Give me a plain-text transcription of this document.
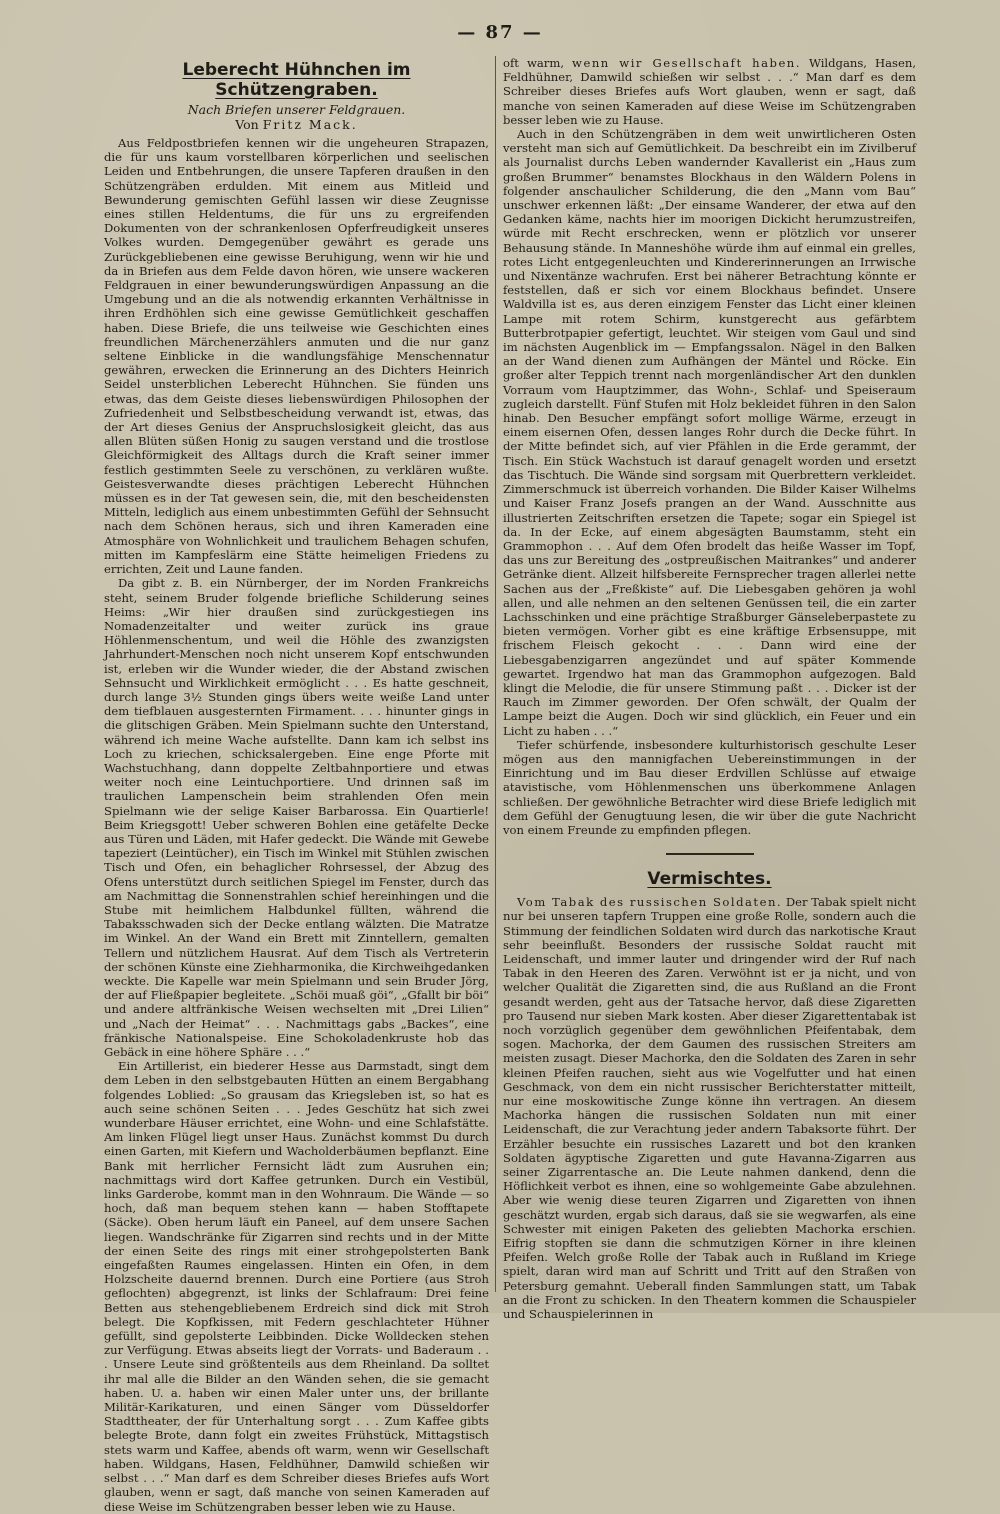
— 87 —
Leberecht Hühnchen im Schützengraben.
Nach Briefen unserer Feldgrauen.
Von Fritz Mack.

Aus Feldpostbriefen kennen wir die ungeheuren Strapazen, die für uns kaum vorstellbaren körperlichen und seelischen Leiden und Entbehrungen, die unsere Tapferen draußen in den Schützengräben erdulden. Mit einem aus Mitleid und Bewunderung gemischten Gefühl lassen wir diese Zeugnisse eines stillen Heldentums, die für uns zu ergreifenden Dokumenten von der schrankenlosen Opferfreudigkeit unseres Volkes wurden. Demgegenüber gewährt es gerade uns Zurückgebliebenen eine gewisse Beruhigung, wenn wir hie und da in Briefen aus dem Felde davon hören, wie unsere wackeren Feldgrauen in einer bewunderungswürdigen Anpassung an die Umgebung und an die als notwendig erkannten Verhältnisse in ihren Erdhöhlen sich eine gewisse Gemütlichkeit geschaffen haben. Diese Briefe, die uns teilweise wie Geschichten eines freundlichen Märchenerzählers anmuten und die nur ganz seltene Einblicke in die wandlungsfähige Menschennatur gewähren, erwecken die Erinnerung an des Dichters Heinrich Seidel unsterblichen Leberecht Hühnchen. Sie fünden uns etwas, das dem Geiste dieses liebenswürdigen Philosophen der Zufriedenheit und Selbstbescheidung verwandt ist, etwas, das der Art dieses Genius der Anspruchslosigkeit gleicht, das aus allen Blüten süßen Honig zu saugen verstand und die trostlose Gleichförmigkeit des Alltags durch die Kraft seiner immer festlich gestimmten Seele zu verschönen, zu verklären wußte. Geistesverwandte dieses prächtigen Leberecht Hühnchen müssen es in der Tat gewesen sein, die, mit den bescheidensten Mitteln, lediglich aus einem unbestimmten Gefühl der Sehnsucht nach dem Schönen heraus, sich und ihren Kameraden eine Atmosphäre von Wohnlichkeit und traulichem Behagen schufen, mitten im Kampfeslärm eine Stätte heimeligen Friedens zu errichten, Zeit und Laune fanden.

Da gibt z. B. ein Nürnberger, der im Norden Frankreichs steht, seinem Bruder folgende briefliche Schilderung seines Heims: „Wir hier draußen sind zurückgestiegen ins Nomadenzeitalter und weiter zurück ins graue Höhlenmenschentum, und weil die Höhle des zwanzigsten Jahrhundert-Menschen noch nicht unserem Kopf entschwunden ist, erleben wir die Wunder wieder, die der Abstand zwischen Sehnsucht und Wirklichkeit ermöglicht . . . Es hatte geschneit, durch lange 3½ Stunden gings übers weite weiße Land unter dem tiefblauen ausgesternten Firmament. . . . hinunter gings in die glitschigen Gräben. Mein Spielmann suchte den Unterstand, während ich meine Wache aufstellte. Dann kam ich selbst ins Loch zu kriechen, schicksalergeben. Eine enge Pforte mit Wachstuchhang, dann doppelte Zeltbahnportiere und etwas weiter noch eine Leintuchportiere. Und drinnen saß im traulichen Lampenschein beim strahlenden Ofen mein Spielmann wie der selige Kaiser Barbarossa. Ein Quartierle! Beim Kriegsgott! Ueber schweren Bohlen eine getäfelte Decke aus Türen und Läden, mit Hafer gedeckt. Die Wände mit Gewebe tapeziert (Leintücher), ein Tisch im Winkel mit Stühlen zwischen Tisch und Ofen, ein behaglicher Rohrsessel, der Abzug des Ofens unterstützt durch seitlichen Spiegel im Fenster, durch das am Nachmittag die Sonnenstrahlen schief hereinhingen und die Stube mit heimlichem Halbdunkel füllten, während die Tabaksschwaden sich der Decke entlang wälzten. Die Matratze im Winkel. An der Wand ein Brett mit Zinntellern, gemalten Tellern und nützlichem Hausrat. Auf dem Tisch als Vertreterin der schönen Künste eine Ziehharmonika, die Kirchweihgedanken weckte. Die Kapelle war mein Spielmann und sein Bruder Jörg, der auf Fließpapier begleitete. „Schöi muaß göi“, „Gfallt bir böi“ und andere altfränkische Weisen wechselten mit „Drei Lilien“ und „Nach der Heimat“ . . . Nachmittags gabs „Backes“, eine fränkische Nationalspeise. Eine Schokoladenkruste hob das Gebäck in eine höhere Sphäre . . .“

Ein Artillerist, ein biederer Hesse aus Darmstadt, singt dem dem Leben in den selbstgebauten Hütten an einem Bergabhang folgendes Loblied: „So grausam das Kriegsleben ist, so hat es auch seine schönen Seiten . . . Jedes Geschütz hat sich zwei wunderbare Häuser errichtet, eine Wohn- und eine Schlafstätte. Am linken Flügel liegt unser Haus. Zunächst kommst Du durch einen Garten, mit Kiefern und Wacholderbäumen bepflanzt. Eine Bank mit herrlicher Fernsicht lädt zum Ausruhen ein; nachmittags wird dort Kaffee getrunken. Durch ein Vestibül, links Garderobe, kommt man in den Wohnraum. Die Wände — so hoch, daß man bequem stehen kann — haben Stofftapete (Säcke). Oben herum läuft ein Paneel, auf dem unsere Sachen liegen. Wandschränke für Zigarren sind rechts und in der Mitte der einen Seite des rings mit einer strohgepolsterten Bank eingefaßten Raumes eingelassen. Hinten ein Ofen, in dem Holzscheite dauernd brennen. Durch eine Portiere (aus Stroh geflochten) abgegrenzt, ist links der Schlafraum: Drei feine Betten aus stehengebliebenem Erdreich sind dick mit Stroh belegt. Die Kopfkissen, mit Federn geschlachteter Hühner gefüllt, sind gepolsterte Leibbinden. Dicke Wolldecken stehen zur Verfügung. Etwas abseits liegt der Vorrats- und Baderaum . . . Unsere Leute sind größtenteils aus dem Rheinland. Da solltet ihr mal alle die Bilder an den Wänden sehen, die sie gemacht haben. U. a. haben wir einen Maler unter uns, der brillante Militär-Karikaturen, und einen Sänger vom Düsseldorfer Stadttheater, der für Unterhaltung sorgt . . . Zum Kaffee gibts belegte Brote, dann folgt ein zweites Frühstück, Mittagstisch stets warm und Kaffee, abends oft warm, wenn wir Gesellschaft haben. Wildgans, Hasen, Feldhühner, Damwild schießen wir selbst . . .“ Man darf es dem Schreiber dieses Briefes aufs Wort glauben, wenn er sagt, daß manche von seinen Kameraden auf diese Weise im Schützengraben besser leben wie zu Hause.

oft warm, wenn wir Gesellschaft haben. Wildgans, Hasen, Feldhühner, Damwild schießen wir selbst . . .“ Man darf es dem Schreiber dieses Briefes aufs Wort glauben, wenn er sagt, daß manche von seinen Kameraden auf diese Weise im Schützengraben besser leben wie zu Hause.

Auch in den Schützengräben in dem weit unwirtlicheren Osten versteht man sich auf Gemütlichkeit. Da beschreibt ein im Zivilberuf als Journalist durchs Leben wandernder Kavallerist ein „Haus zum großen Brummer“ benamstes Blockhaus in den Wäldern Polens in folgender anschaulicher Schilderung, die den „Mann vom Bau“ unschwer erkennen läßt: „Der einsame Wanderer, der etwa auf den Gedanken käme, nachts hier im moorigen Dickicht herumzustreifen, würde mit Recht erschrecken, wenn er plötzlich vor unserer Behausung stände. In Manneshöhe würde ihm auf einmal ein grelles, rotes Licht entgegenleuchten und Kindererinnerungen an Irrwische und Nixentänze wachrufen. Erst bei näherer Betrachtung könnte er feststellen, daß er sich vor einem Blockhaus befindet. Unsere Waldvilla ist es, aus deren einzigem Fenster das Licht einer kleinen Lampe mit rotem Schirm, kunstgerecht aus gefärbtem Butterbrotpapier gefertigt, leuchtet. Wir steigen vom Gaul und sind im nächsten Augenblick im — Empfangssalon. Nägel in den Balken an der Wand dienen zum Aufhängen der Mäntel und Röcke. Ein großer alter Teppich trennt nach morgenländischer Art den dunklen Vorraum vom Hauptzimmer, das Wohn-, Schlaf- und Speiseraum zugleich darstellt. Fünf Stufen mit Holz bekleidet führen in den Salon hinab. Den Besucher empfängt sofort mollige Wärme, erzeugt in einem eisernen Ofen, dessen langes Rohr durch die Decke führt. In der Mitte befindet sich, auf vier Pfählen in die Erde gerammt, der Tisch. Ein Stück Wachstuch ist darauf genagelt worden und ersetzt das Tischtuch. Die Wände sind sorgsam mit Querbrettern verkleidet. Zimmerschmuck ist überreich vorhanden. Die Bilder Kaiser Wilhelms und Kaiser Franz Josefs prangen an der Wand. Ausschnitte aus illustrierten Zeitschriften ersetzen die Tapete; sogar ein Spiegel ist da. In der Ecke, auf einem abgesägten Baumstamm, steht ein Grammophon . . . Auf dem Ofen brodelt das heiße Wasser im Topf, das uns zur Bereitung des „ostpreußischen Maitrankes“ und anderer Getränke dient. Allzeit hilfsbereite Fernsprecher tragen allerlei nette Sachen aus der „Freßkiste“ auf. Die Liebesgaben gehören ja wohl allen, und alle nehmen an den seltenen Genüssen teil, die ein zarter Lachsschinken und eine prächtige Straßburger Gänseleberpastete zu bieten vermögen. Vorher gibt es eine kräftige Erbsensuppe, mit frischem Fleisch gekocht . . . Dann wird eine der Liebesgabenzigarren angezündet und auf später Kommende gewartet. Irgendwo hat man das Grammophon aufgezogen. Bald klingt die Melodie, die für unsere Stimmung paßt . . . Dicker ist der Rauch im Zimmer geworden. Der Ofen schwält, der Qualm der Lampe beizt die Augen. Doch wir sind glücklich, ein Feuer und ein Licht zu haben . . .“

Tiefer schürfende, insbesondere kulturhistorisch geschulte Leser mögen aus den mannigfachen Uebereinstimmungen in der Einrichtung und im Bau dieser Erdvillen Schlüsse auf etwaige atavistische, vom Höhlenmenschen uns überkommene Anlagen schließen. Der gewöhnliche Betrachter wird diese Briefe lediglich mit dem Gefühl der Genugtuung lesen, die wir über die gute Nachricht von einem Freunde zu empfinden pflegen.

Vermischtes.

Vom Tabak des russischen Soldaten. Der Tabak spielt nicht nur bei unseren tapfern Truppen eine große Rolle, sondern auch die Stimmung der feindlichen Soldaten wird durch das narkotische Kraut sehr beeinflußt. Besonders der russische Soldat raucht mit Leidenschaft, und immer lauter und dringender wird der Ruf nach Tabak in den Heeren des Zaren. Verwöhnt ist er ja nicht, und von welcher Qualität die Zigaretten sind, die aus Rußland an die Front gesandt werden, geht aus der Tatsache hervor, daß diese Zigaretten pro Tausend nur sieben Mark kosten. Aber dieser Zigarettentabak ist noch vorzüglich gegenüber dem gewöhnlichen Pfeifentabak, dem sogen. Machorka, der dem Gaumen des russischen Streiters am meisten zusagt. Dieser Machorka, den die Soldaten des Zaren in sehr kleinen Pfeifen rauchen, sieht aus wie Vogelfutter und hat einen Geschmack, von dem ein nicht russischer Berichterstatter mitteilt, nur eine moskowitische Zunge könne ihn vertragen. An diesem Machorka hängen die russischen Soldaten nun mit einer Leidenschaft, die zur Verachtung jeder andern Tabaksorte führt. Der Erzähler besuchte ein russisches Lazarett und bot den kranken Soldaten ägyptische Zigaretten und gute Havanna-Zigarren aus seiner Zigarrentasche an. Die Leute nahmen dankend, denn die Höflichkeit verbot es ihnen, eine so wohlgemeinte Gabe abzulehnen. Aber wie wenig diese teuren Zigarren und Zigaretten von ihnen geschätzt wurden, ergab sich daraus, daß sie sie wegwarfen, als eine Schwester mit einigen Paketen des geliebten Machorka erschien. Eifrig stopften sie dann die schmutzigen Körner in ihre kleinen Pfeifen. Welch große Rolle der Tabak auch in Rußland im Kriege spielt, daran wird man auf Schritt und Tritt auf den Straßen von Petersburg gemahnt. Ueberall finden Sammlungen statt, um Tabak an die Front zu schicken. In den Theatern kommen die Schauspieler und Schauspielerinnen in
